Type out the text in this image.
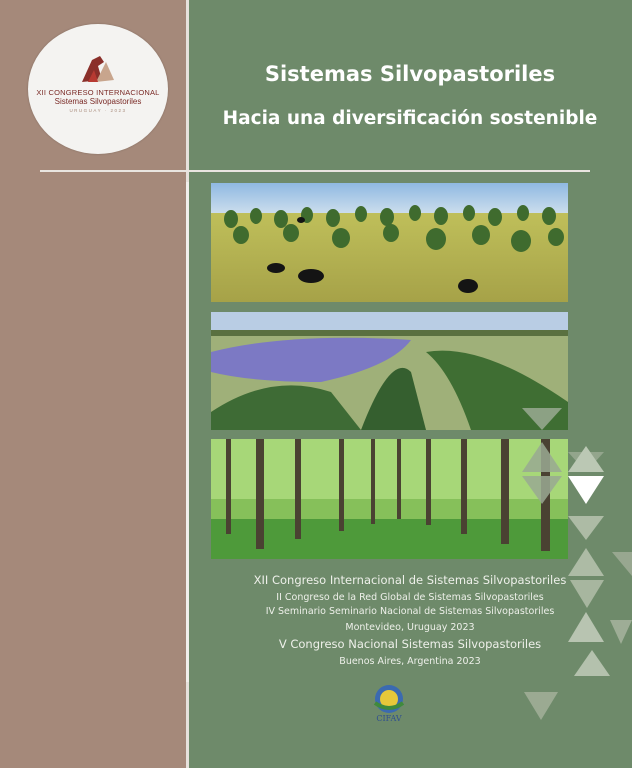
XII CONGRESO INTERNACIONAL
Sistemas Silvopastoriles
URUGUAY · 2023
Sistemas Silvopastoriles
Hacia una diversificación sostenible
XII Congreso Internacional de Sistemas Silvopastoriles
II Congreso de la Red Global de Sistemas Silvopastoriles
IV Seminario Seminario Nacional de Sistemas Silvopastoriles
Montevideo, Uruguay 2023
V Congreso Nacional Sistemas Silvopastoriles
Buenos Aires, Argentina 2023
CIFAV
